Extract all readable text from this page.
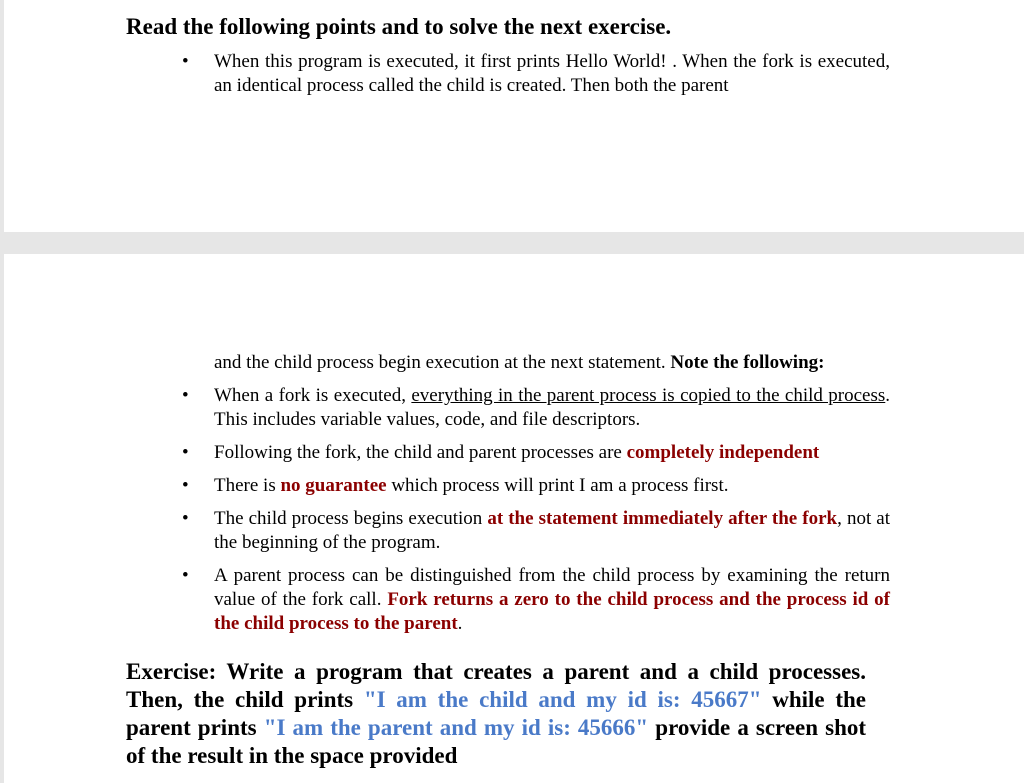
Read the following points and to solve the next exercise.
• When this program is executed, it first prints Hello World! . When the fork is executed, an identical process called the child is created. Then both the parent
and the child process begin execution at the next statement. Note the following:
• When a fork is executed, everything in the parent process is copied to the child process. This includes variable values, code, and file descriptors.
• Following the fork, the child and parent processes are completely independent
• There is no guarantee which process will print I am a process first.
• The child process begins execution at the statement immediately after the fork, not at the beginning of the program.
• A parent process can be distinguished from the child process by examining the return value of the fork call. Fork returns a zero to the child process and the process id of the child process to the parent.
Exercise: Write a program that creates a parent and a child processes. Then, the child prints "I am the child and my id is: 45667" while the parent prints "I am the parent and my id is: 45666" provide a screen shot of the result in the space provided
